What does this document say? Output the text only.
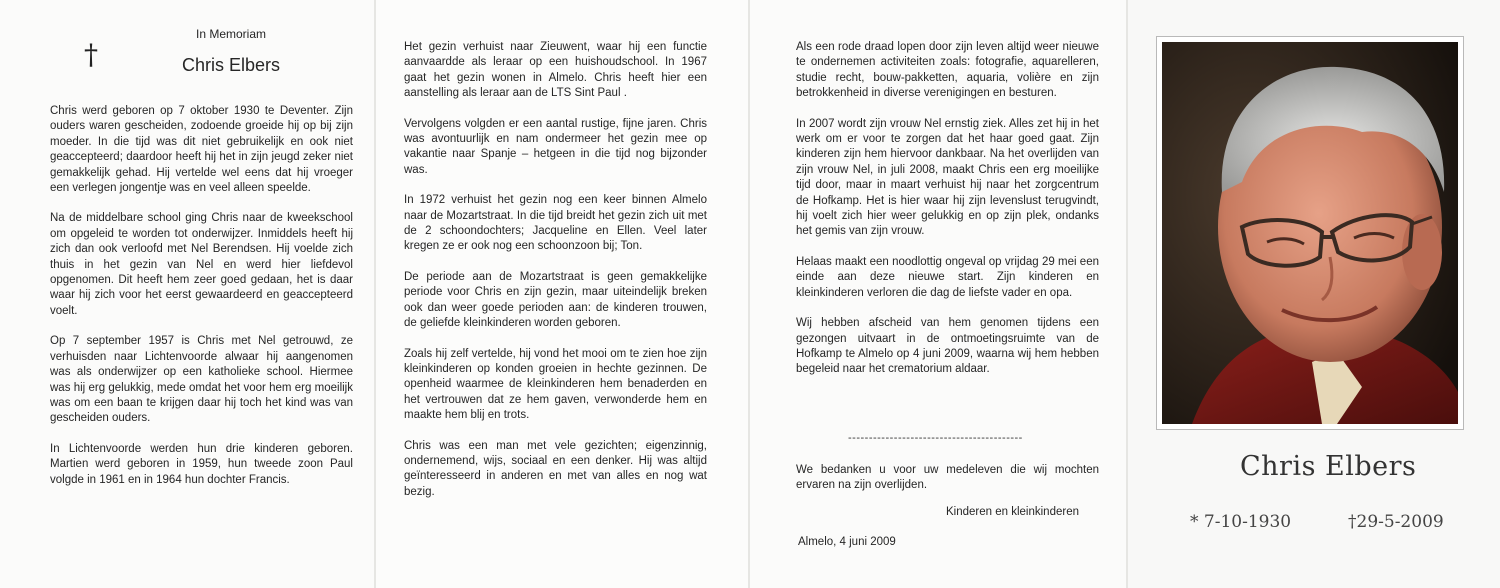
†
In Memoriam
Chris Elbers

Chris werd geboren op 7 oktober 1930 te Deventer. Zijn ouders waren gescheiden, zodoende groeide hij op bij zijn moeder. In die tijd was dit niet gebruikelijk en ook niet geaccepteerd; daardoor heeft hij het in zijn jeugd zeker niet gemakkelijk gehad. Hij vertelde wel eens dat hij vroeger een verlegen jongentje was en veel alleen speelde.

Na de middelbare school ging Chris naar de kweekschool om opgeleid te worden tot onderwijzer. Inmiddels heeft hij zich dan ook verloofd met Nel Berendsen. Hij voelde zich thuis in het gezin van Nel en werd hier liefdevol opgenomen. Dit heeft hem zeer goed gedaan, het is daar waar hij zich voor het eerst gewaardeerd en geaccepteerd voelt.

Op 7 september 1957 is Chris met Nel getrouwd, ze verhuisden naar Lichtenvoorde alwaar hij aangenomen was als onderwijzer op een katholieke school. Hiermee was hij erg gelukkig, mede omdat het voor hem erg moeilijk was om een baan te krijgen daar hij toch het kind was van gescheiden ouders.

In Lichtenvoorde werden hun drie kinderen geboren. Martien werd geboren in 1959, hun tweede zoon Paul volgde in 1961 en in 1964 hun dochter Francis.

Het gezin verhuist naar Zieuwent, waar hij een functie aanvaardde als leraar op een huishoudschool. In 1967 gaat het gezin wonen in Almelo. Chris heeft hier een aanstelling als leraar aan de LTS Sint Paul .

Vervolgens volgden er een aantal rustige, fijne jaren. Chris was avontuurlijk en nam ondermeer het gezin mee op vakantie naar Spanje – hetgeen in die tijd nog bijzonder was.

In 1972 verhuist het gezin nog een keer binnen Almelo naar de Mozartstraat. In die tijd breidt het gezin zich uit met de 2 schoondochters; Jacqueline en Ellen. Veel later kregen ze er ook nog een schoonzoon bij; Ton.

De periode aan de Mozartstraat is geen gemakkelijke periode voor Chris en zijn gezin, maar uiteindelijk breken ook dan weer goede perioden aan: de kinderen trouwen, de geliefde kleinkinderen worden geboren.

Zoals hij zelf vertelde, hij vond het mooi om te zien hoe zijn kleinkinderen op konden groeien in hechte gezinnen. De openheid waarmee de kleinkinderen hem benaderden en het vertrouwen dat ze hem gaven, verwonderde hem en maakte hem blij en trots.

Chris was een man met vele gezichten; eigenzinnig, ondernemend, wijs, sociaal en een denker. Hij was altijd geïnteresseerd in anderen en met van alles en nog wat bezig.

Als een rode draad lopen door zijn leven altijd weer nieuwe te ondernemen activiteiten zoals: fotografie, aquarelleren, studie recht, bouw-pakketten, aquaria, volière en zijn betrokkenheid in diverse verenigingen en besturen.

In 2007 wordt zijn vrouw Nel ernstig ziek. Alles zet hij in het werk om er voor te zorgen dat het haar goed gaat. Zijn kinderen zijn hem hiervoor dankbaar. Na het overlijden van zijn vrouw Nel, in juli 2008, maakt Chris een erg moeilijke tijd door, maar in maart verhuist hij naar het zorgcentrum de Hofkamp. Het is hier waar hij zijn levenslust terugvindt, hij voelt zich hier weer gelukkig en op zijn plek, ondanks het gemis van zijn vrouw.

Helaas maakt een noodlottig ongeval op vrijdag 29 mei een einde aan deze nieuwe start. Zijn kinderen en kleinkinderen verloren die dag de liefste vader en opa.

Wij hebben afscheid van hem genomen tijdens een gezongen uitvaart in de ontmoetingsruimte van de Hofkamp te Almelo op 4 juni 2009, waarna wij hem hebben begeleid naar het crematorium aldaar.

------------------------------------------
We bedanken u voor uw medeleven die wij mochten ervaren na zijn overlijden.
Kinderen en kleinkinderen
Almelo, 4 juni 2009
Chris Elbers
* 7-10-1930	†29-5-2009
